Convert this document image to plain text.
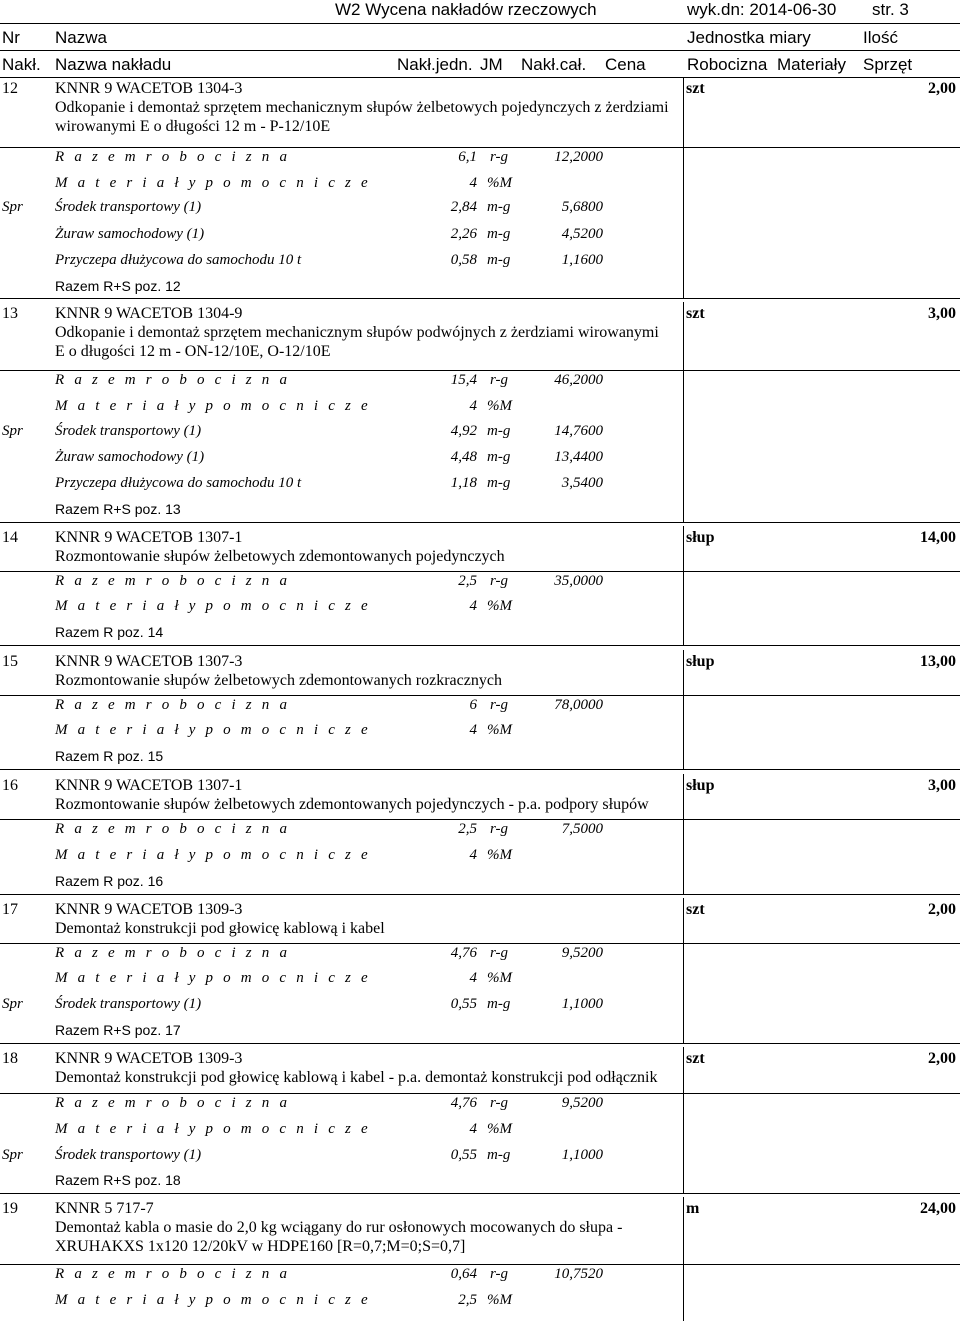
W2 Wycena nakładów rzeczowych	wyk.dn: 2014-06-30 str. 3
Nr Nazwa	Jednostka miary	Ilość
Nakł. Nazwa nakładu	Nakł.jedn. JM Nakł.cał. Cena Robocizna Materiały Sprzęt
12 KNNR 9 WACETOB 1304-3	szt	2,00
Odkopanie i demontaż sprzętem mechanicznym słupów żelbetowych pojedynczych z żerdziami
wirowanymi E o długości 12 m - P-12/10E
R a z e m r o b o c i z n a	6,1 r-g	12,2000
M a t e r i a ł y p o m o c n i c z e	4 %M
Spr Środek transportowy (1)	2,84 m-g	5,6800
Żuraw samochodowy (1)	2,26 m-g	4,5200
Przyczepa dłużycowa do samochodu 10 t	0,58 m-g	1,1600
Razem R+S poz. 12
13 KNNR 9 WACETOB 1304-9	szt	3,00
Odkopanie i demontaż sprzętem mechanicznym słupów podwójnych z żerdziami wirowanymi
E o długości 12 m - ON-12/10E, O-12/10E
R a z e m r o b o c i z n a	15,4 r-g	46,2000
M a t e r i a ł y p o m o c n i c z e	4 %M
Spr Środek transportowy (1)	4,92 m-g	14,7600
Żuraw samochodowy (1)	4,48 m-g	13,4400
Przyczepa dłużycowa do samochodu 10 t	1,18 m-g	3,5400
Razem R+S poz. 13
14 KNNR 9 WACETOB 1307-1	słup	14,00
Rozmontowanie słupów żelbetowych zdemontowanych pojedynczych
R a z e m r o b o c i z n a	2,5 r-g	35,0000
M a t e r i a ł y p o m o c n i c z e	4 %M
Razem R poz. 14
15 KNNR 9 WACETOB 1307-3	słup	13,00
Rozmontowanie słupów żelbetowych zdemontowanych rozkracznych
R a z e m r o b o c i z n a	6 r-g	78,0000
M a t e r i a ł y p o m o c n i c z e	4 %M
Razem R poz. 15
16 KNNR 9 WACETOB 1307-1	słup	3,00
Rozmontowanie słupów żelbetowych zdemontowanych pojedynczych - p.a. podpory słupów
R a z e m r o b o c i z n a	2,5 r-g	7,5000
M a t e r i a ł y p o m o c n i c z e	4 %M
Razem R poz. 16
17 KNNR 9 WACETOB 1309-3	szt	2,00
Demontaż konstrukcji pod głowicę kablową i kabel
R a z e m r o b o c i z n a	4,76 r-g	9,5200
M a t e r i a ł y p o m o c n i c z e	4 %M
Spr Środek transportowy (1)	0,55 m-g	1,1000
Razem R+S poz. 17
18 KNNR 9 WACETOB 1309-3	szt	2,00
Demontaż konstrukcji pod głowicę kablową i kabel - p.a. demontaż konstrukcji pod odłącznik
R a z e m r o b o c i z n a	4,76 r-g	9,5200
M a t e r i a ł y p o m o c n i c z e	4 %M
Spr Środek transportowy (1)	0,55 m-g	1,1000
Razem R+S poz. 18
19 KNNR 5 717-7	m	24,00
Demontaż kabla o masie do 2,0 kg wciągany do rur osłonowych mocowanych do słupa -
XRUHAKXS 1x120 12/20kV w HDPE160 [R=0,7;M=0;S=0,7]
R a z e m r o b o c i z n a	0,64 r-g	10,7520
M a t e r i a ł y p o m o c n i c z e	2,5 %M
